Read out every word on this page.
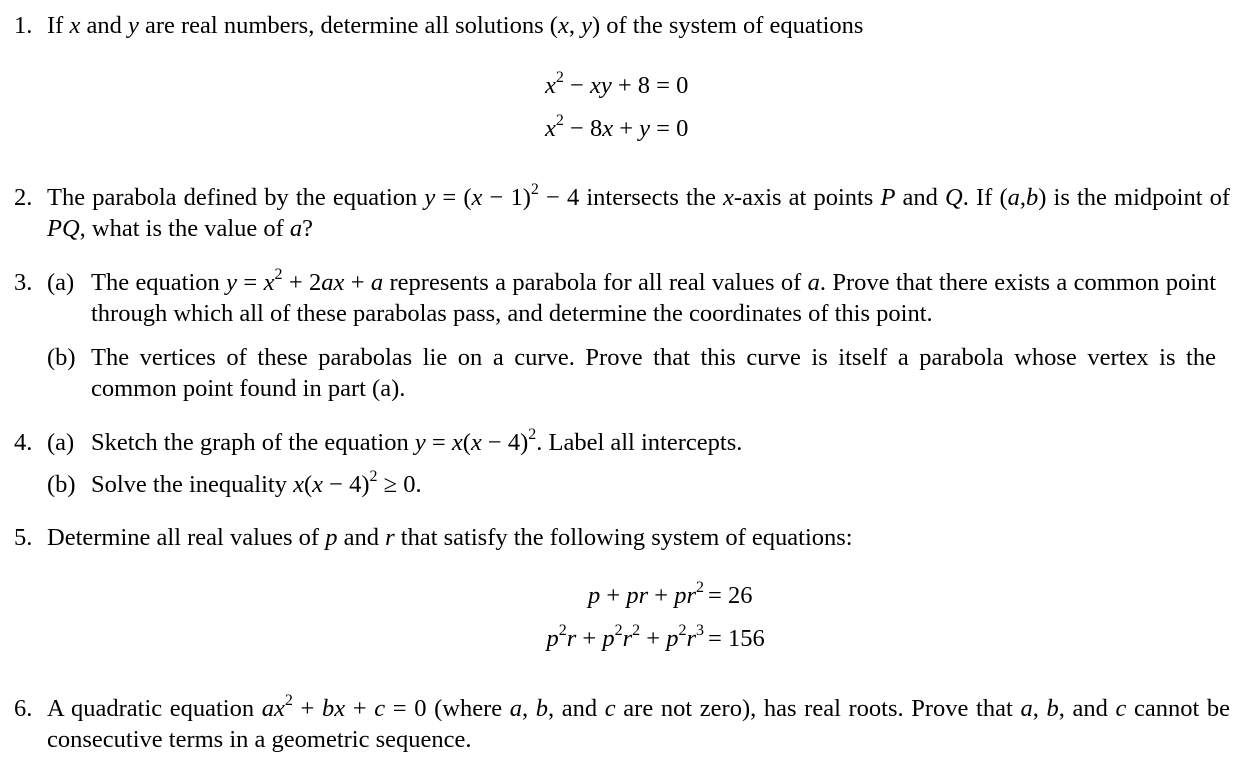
1. If x and y are real numbers, determine all solutions (x, y) of the system of equations
$x^2$ − xy + 8 = 0
$x^2 - 8x + y = 0$
2. The parabola defined by the equation $y = (x - 1)^2 - 4$ intersects the x-axis at points P and Q. If (a,b) is the midpoint of PQ, what is the value of a?
3. (a) The equation $y = x^2 + 2ax + a$ represents a parabola for all real values of a. Prove that there exists a common point through which all of these parabolas pass, and determine the coordinates of this point.
(b) The vertices of these parabolas lie on a curve. Prove that this curve is itself a parabola whose vertex is the common point found in part (a).
4. (a) Sketch the graph of the equation $y = x(x - 4)^2$. Label all intercepts.
(b) Solve the inequality $x(x - 4)^2 \ge 0$.
5. Determine all real values of p and r that satisfy the following system of equations:
p + pr + $pr^2 = 26$
$p^2r + p^2r^2 + p^2r^3 = 156$
6. A quadratic equation $ax^2$ + bx + c = 0 (where a, b, and c are not zero), has real roots. Prove that a, b, and c cannot be consecutive terms in a geometric sequence.
